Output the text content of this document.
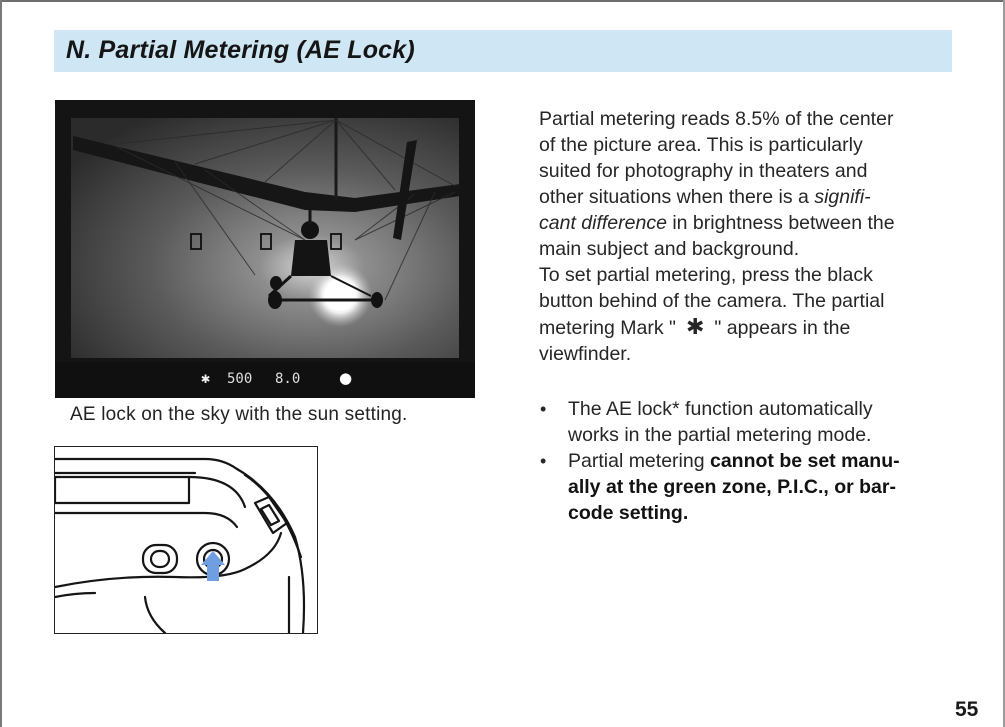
N. Partial Metering (AE Lock)
✱ 500 8.0	●
AE lock on the sky with the sun setting.

Partial metering reads 8.5% of the center
of the picture area. This is particularly
suited for photography in theaters and
other situations when there is a signifi-
cant difference in brightness between the
main subject and background.

To set partial metering, press the black
button behind of the camera. The partial
metering Mark " ✱ " appears in the
viewfinder.

•	The AE lock* function automatically
works in the partial metering mode.
•	Partial metering cannot be set manu-
ally at the green zone, P.I.C., or bar-
code setting.
55
